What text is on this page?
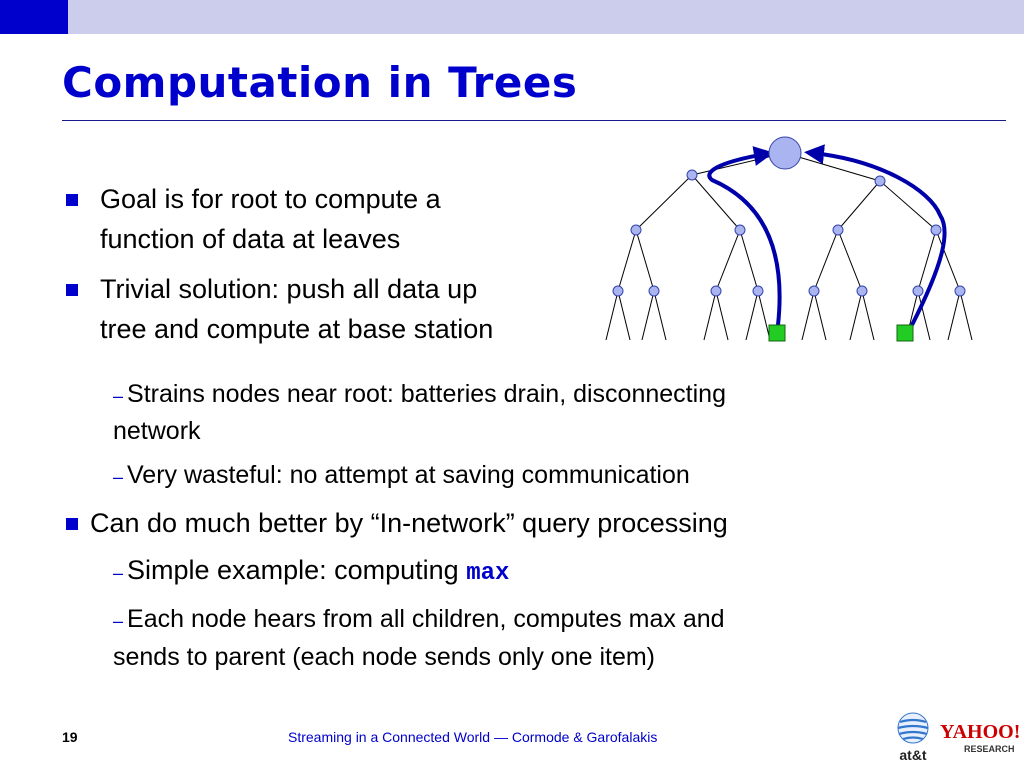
Computation in Trees
Goal is for root to compute a
function of data at leaves
Trivial solution: push all data up
tree and compute at base station
– Strains nodes near root: batteries drain, disconnecting
network
– Very wasteful: no attempt at saving communication
Can do much better by “In-network” query processing
– Simple example: computing max
– Each node hears from all children, computes max and
sends to parent (each node sends only one item)
19	Streaming in a Connected World — Cormode & Garofalakis
at&t
YAHOO!
RESEARCH
